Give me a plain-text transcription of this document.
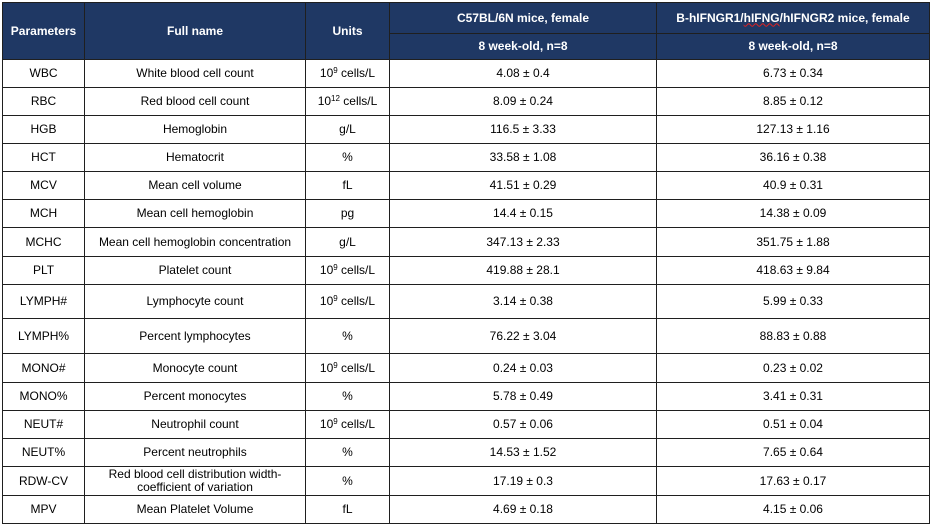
Parameters	Full name	Units	C57BL/6N mice, female	B-hIFNGR1/hIFNG/hIFNGR2 mice, female
			8 week-old, n=8	8 week-old, n=8
WBC	White blood cell count	$10^9$ cells/L	4.08 ± 0.4	6.73 ± 0.34
RBC	Red blood cell count	$10^{12}$ cells/L	8.09 ± 0.24	8.85 ± 0.12
HGB	Hemoglobin	g/L	116.5 ± 3.33	127.13 ± 1.16
HCT	Hematocrit	%	33.58 ± 1.08	36.16 ± 0.38
MCV	Mean cell volume	fL	41.51 ± 0.29	40.9 ± 0.31
MCH	Mean cell hemoglobin	pg	14.4 ± 0.15	14.38 ± 0.09
MCHC	Mean cell hemoglobin concentration	g/L	347.13 ± 2.33	351.75 ± 1.88
PLT	Platelet count	$10^9$ cells/L	419.88 ± 28.1	418.63 ± 9.84
LYMPH#	Lymphocyte count	$10^9$ cells/L	3.14 ± 0.38	5.99 ± 0.33
LYMPH%	Percent lymphocytes	%	76.22 ± 3.04	88.83 ± 0.88
MONO#	Monocyte count	$10^9$ cells/L	0.24 ± 0.03	0.23 ± 0.02
MONO%	Percent monocytes	%	5.78 ± 0.49	3.41 ± 0.31
NEUT#	Neutrophil count	$10^9$ cells/L	0.57 ± 0.06	0.51 ± 0.04
NEUT%	Percent neutrophils	%	14.53 ± 1.52	7.65 ± 0.64
RDW-CV	Red blood cell distribution width-coefficient of variation	%	17.19 ± 0.3	17.63 ± 0.17
MPV	Mean Platelet Volume	fL	4.69 ± 0.18	4.15 ± 0.06
